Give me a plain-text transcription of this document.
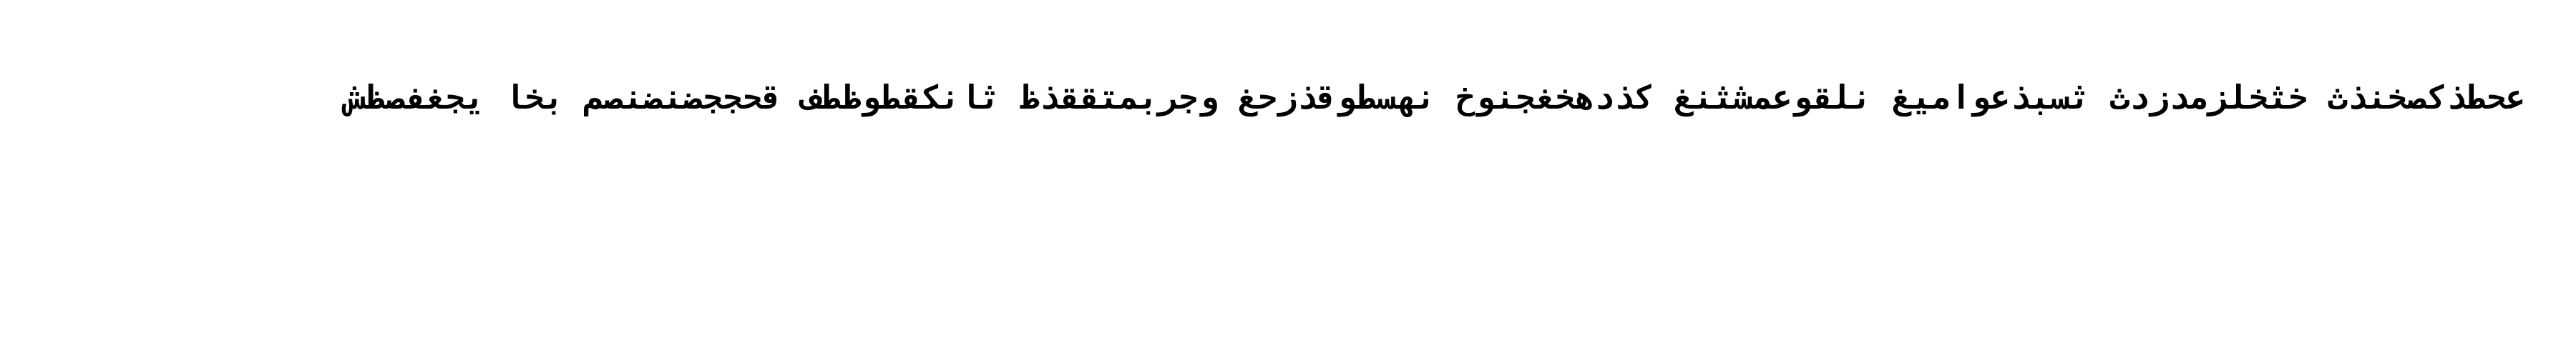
عحطذكصخنذث خثخلزمدزدث ثسبذعواميغ نلقوعمشثنغ كذدهخغجنوخ نهسطوقذزحغ وجربمتققذظ ثانكقطوظطف قحججضنضنصم بخا يجغفصظش
